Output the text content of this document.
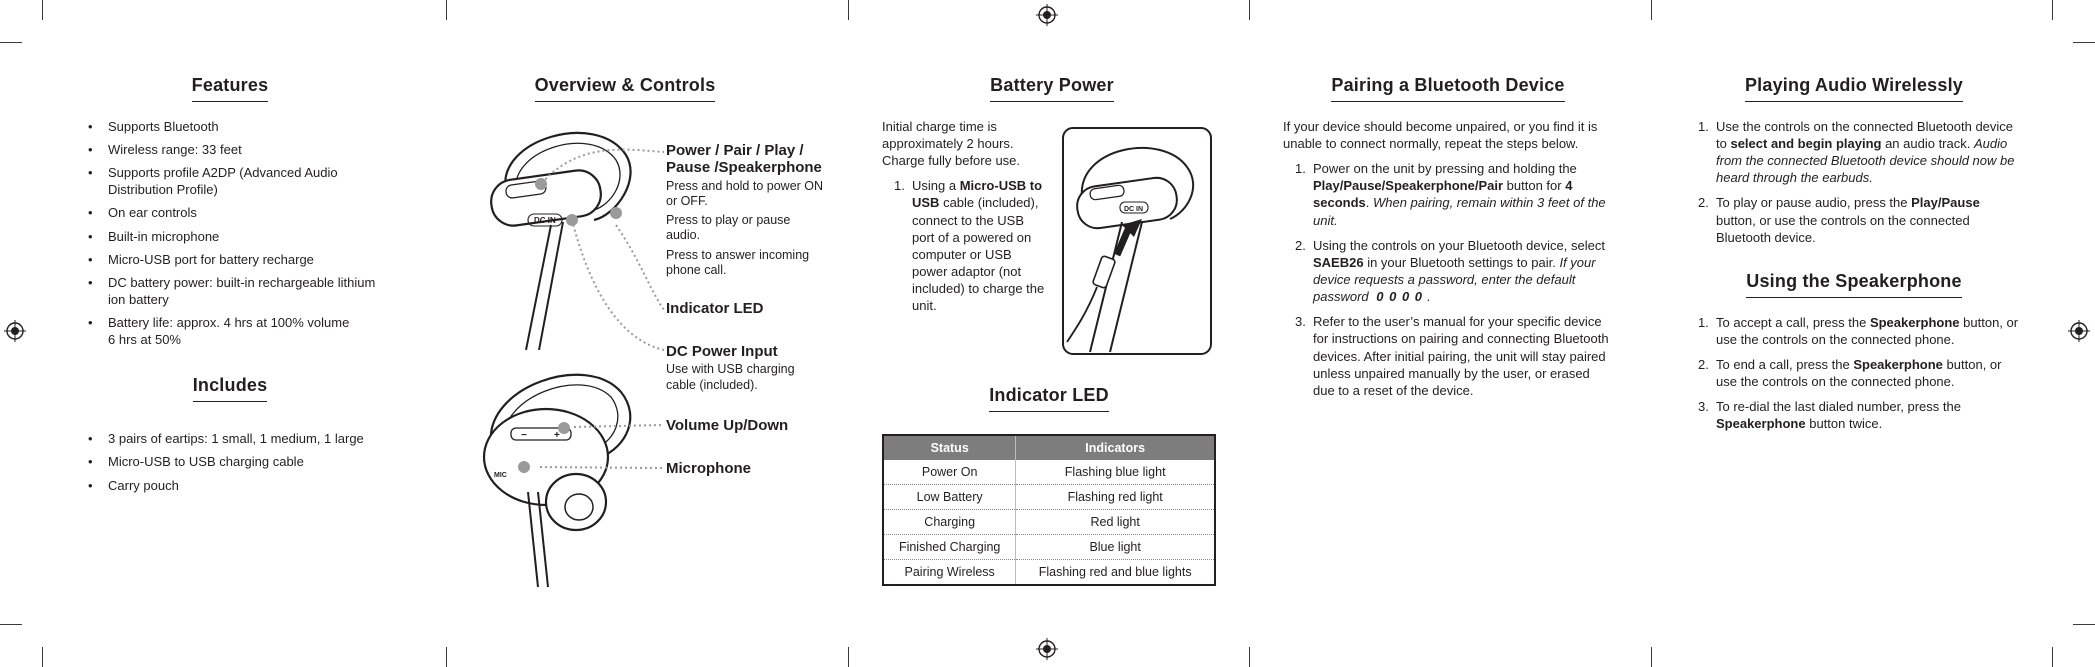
Features
• Supports Bluetooth
• Wireless range: 33 feet
• Supports profile A2DP (Advanced Audio Distribution Profile)
• On ear controls
• Built-in microphone
• Micro-USB port for battery recharge
• DC battery power: built-in rechargeable lithium ion battery
• Battery life: approx. 4 hrs at 100% volume
6 hrs at 50%
Includes
• 3 pairs of eartips: 1 small, 1 medium, 1 large
• Micro-USB to USB charging cable
• Carry pouch
Overview & Controls
DC IN
−	+
MIC
Power / Pair / Play / Pause /Speakerphone
Press and hold to power ON or OFF.
Press to play or pause audio.
Press to answer incoming phone call.
Indicator LED
DC Power Input
Use with USB charging cable (included).
Volume Up/Down
Microphone
Battery Power

Initial charge time is approximately 2 hours. Charge fully before use.

1. Using a Micro-USB to USB cable (included), connect to the USB port of a powered on computer or USB power adaptor (not included) to charge the unit.
DC IN
Indicator LED
Status	Indicators
Power On	Flashing blue light
Low Battery	Flashing red light
Charging	Red light
Finished Charging	Blue light
Pairing Wireless	Flashing red and blue lights
Pairing a Bluetooth Device

If your device should become unpaired, or you find it is unable to connect normally, repeat the steps below.

1. Power on the unit by pressing and holding the Play/Pause/Speakerphone/Pair button for 4 seconds. When pairing, remain within 3 feet of the unit.
2. Using the controls on your Bluetooth device, select SAEB26 in your Bluetooth settings to pair. If your device requests a password, enter the default password 0 0 0 0 .
3. Refer to the user’s manual for your specific device for instructions on pairing and connecting Bluetooth devices. After initial pairing, the unit will stay paired unless unpaired manually by the user, or erased due to a reset of the device.
Playing Audio Wirelessly
1. Use the controls on the connected Bluetooth device to select and begin playing an audio track. Audio from the connected Bluetooth device should now be heard through the earbuds.
2. To play or pause audio, press the Play/Pause button, or use the controls on the connected Bluetooth device.
Using the Speakerphone
1. To accept a call, press the Speakerphone button, or use the controls on the connected phone.
2. To end a call, press the Speakerphone button, or use the controls on the connected phone.
3. To re-dial the last dialed number, press the Speakerphone button twice.
